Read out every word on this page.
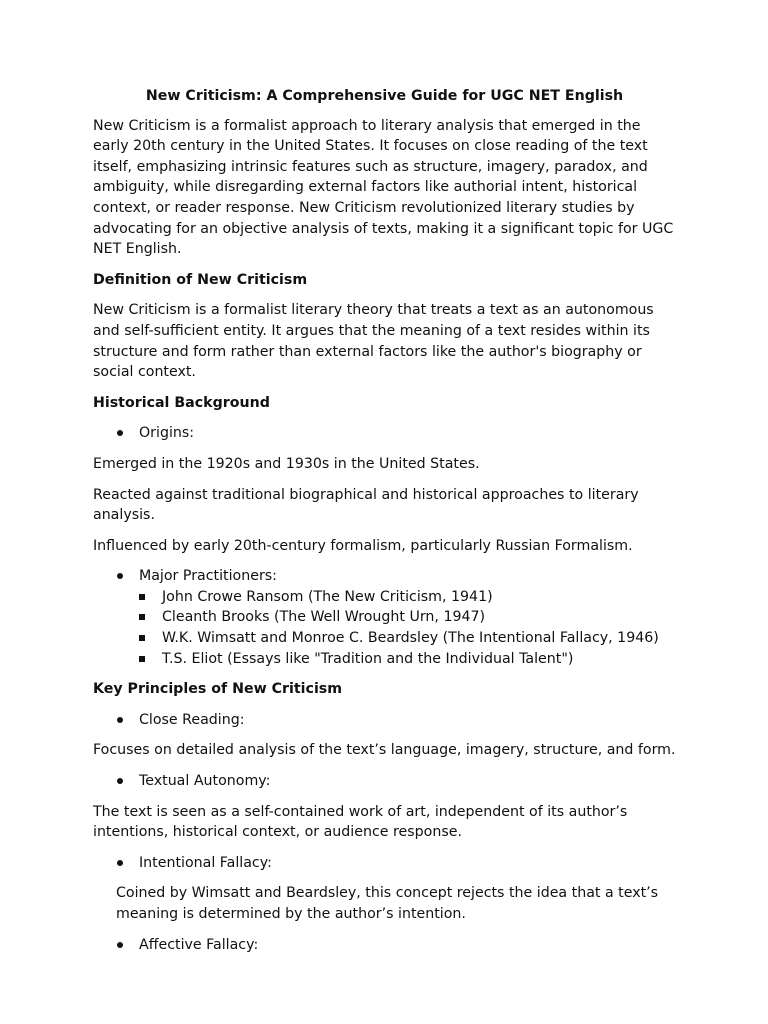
New Criticism: A Comprehensive Guide for UGC NET English

New Criticism is a formalist approach to literary analysis that emerged in the early 20th century in the United States. It focuses on close reading of the text itself, emphasizing intrinsic features such as structure, imagery, paradox, and ambiguity, while disregarding external factors like authorial intent, historical context, or reader response. New Criticism revolutionized literary studies by advocating for an objective analysis of texts, making it a significant topic for UGC NET English.

Definition of New Criticism

New Criticism is a formalist literary theory that treats a text as an autonomous and self-sufficient entity. It argues that the meaning of a text resides within its structure and form rather than external factors like the author's biography or social context.

Historical Background
Origins:

Emerged in the 1920s and 1930s in the United States.

Reacted against traditional biographical and historical approaches to literary analysis.

Influenced by early 20th-century formalism, particularly Russian Formalism.

Major Practitioners:
John Crowe Ransom (The New Criticism, 1941)
Cleanth Brooks (The Well Wrought Urn, 1947)
W.K. Wimsatt and Monroe C. Beardsley (The Intentional Fallacy, 1946)
T.S. Eliot (Essays like "Tradition and the Individual Talent")
Key Principles of New Criticism
Close Reading:

Focuses on detailed analysis of the text’s language, imagery, structure, and form.

Textual Autonomy:

The text is seen as a self-contained work of art, independent of its author’s intentions, historical context, or audience response.

Intentional Fallacy:

Coined by Wimsatt and Beardsley, this concept rejects the idea that a text’s meaning is determined by the author’s intention.

Affective Fallacy:
